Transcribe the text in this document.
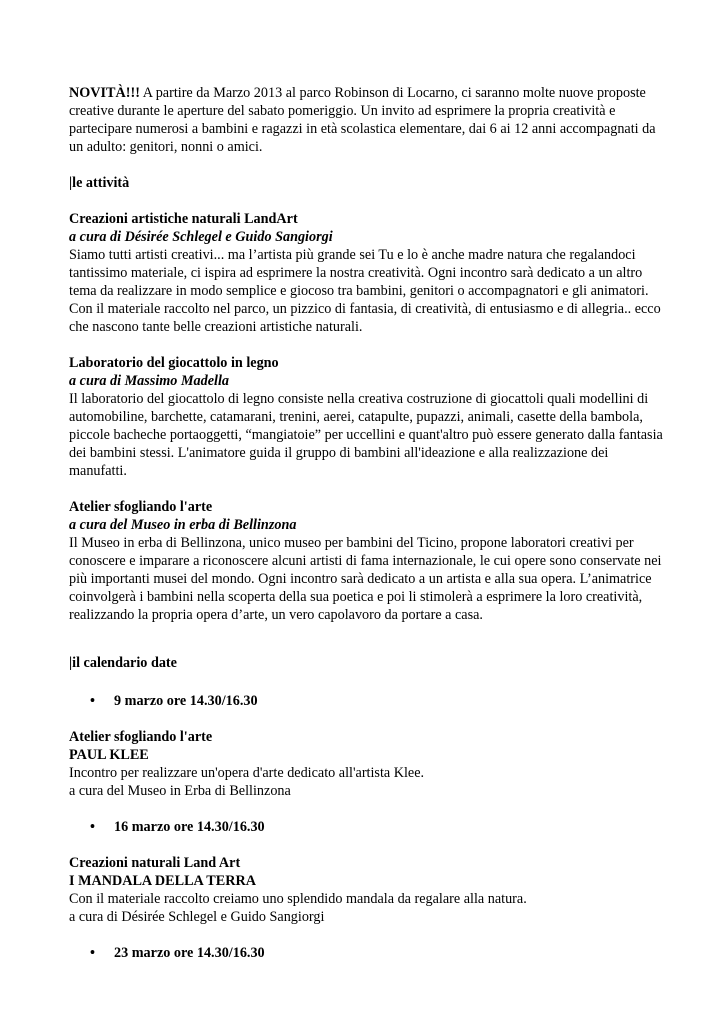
NOVITÀ!!! A partire da Marzo 2013 al parco Robinson di Locarno, ci saranno molte nuove proposte creative durante le aperture del sabato pomeriggio. Un invito ad esprimere la propria creatività e partecipare numerosi a bambini e ragazzi in età scolastica elementare, dai 6 ai 12 anni accompagnati da un adulto: genitori, nonni o amici.

|le attività

Creazioni artistiche naturali LandArt

a cura di Désirée Schlegel e Guido Sangiorgi

Siamo tutti artisti creativi... ma l’artista più grande sei Tu e lo è anche madre natura che regalandoci tantissimo materiale, ci ispira ad esprimere la nostra creatività. Ogni incontro sarà dedicato a un altro tema da realizzare in modo semplice e giocoso tra bambini, genitori o accompagnatori e gli animatori. Con il materiale raccolto nel parco, un pizzico di fantasia, di creatività, di entusiasmo e di allegria.. ecco che nascono tante belle creazioni artistiche naturali.

Laboratorio del giocattolo in legno

a cura di Massimo Madella

Il laboratorio del giocattolo di legno consiste nella creativa costruzione di giocattoli quali modellini di automobiline, barchette, catamarani, trenini, aerei, catapulte, pupazzi, animali, casette della bambola, piccole bacheche portaoggetti, “mangiatoie” per uccellini e quant'altro può essere generato dalla fantasia dei bambini stessi. L'animatore guida il gruppo di bambini all'ideazione e alla realizzazione dei manufatti.

Atelier sfogliando l'arte

a cura del Museo in erba di Bellinzona

Il Museo in erba di Bellinzona, unico museo per bambini del Ticino, propone laboratori creativi per conoscere e imparare a riconoscere alcuni artisti di fama internazionale, le cui opere sono conservate nei più importanti musei del mondo. Ogni incontro sarà dedicato a un artista e alla sua opera. L’animatrice coinvolgerà i bambini nella scoperta della sua poetica e poi li stimolerà a esprimere la loro creatività, realizzando la propria opera d’arte, un vero capolavoro da portare a casa.

|il calendario date

• 9 marzo ore 14.30/16.30

Atelier sfogliando l'arte

PAUL KLEE

Incontro per realizzare un'opera d'arte dedicato all'artista Klee.

a cura del Museo in Erba di Bellinzona

• 16 marzo ore 14.30/16.30

Creazioni naturali Land Art

I MANDALA DELLA TERRA

Con il materiale raccolto creiamo uno splendido mandala da regalare alla natura.

a cura di Désirée Schlegel e Guido Sangiorgi

• 23 marzo ore 14.30/16.30
